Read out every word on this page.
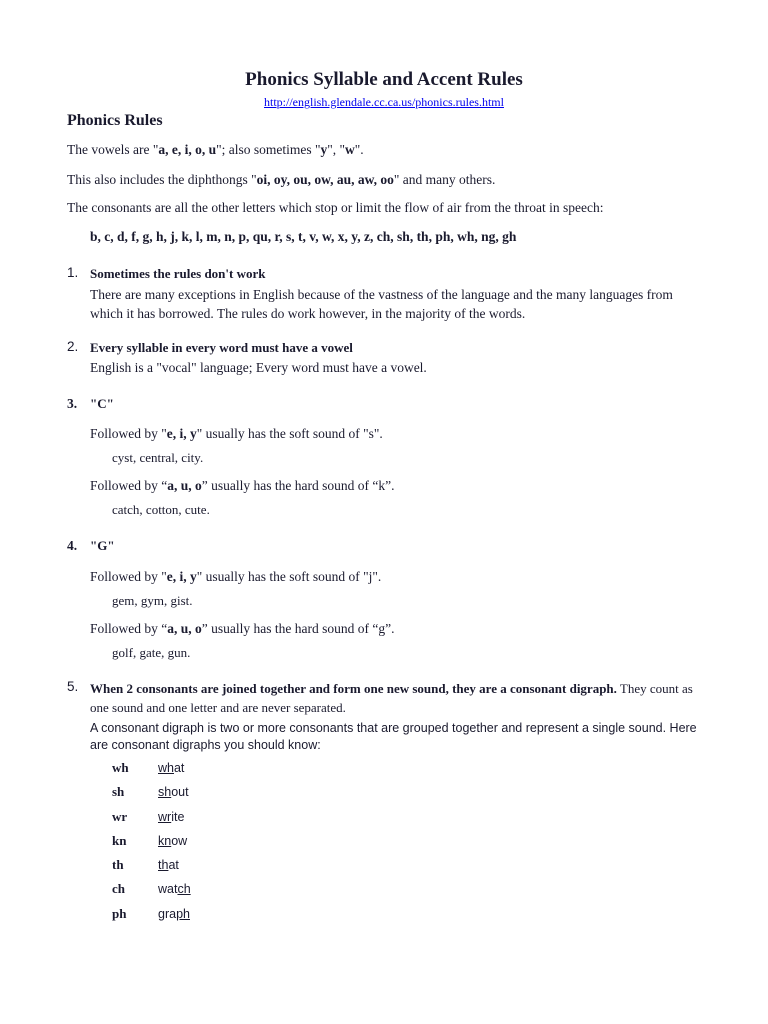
Phonics Syllable and Accent Rules
http://english.glendale.cc.ca.us/phonics.rules.html
Phonics Rules
The vowels are "a, e, i, o, u"; also sometimes "y", "w".
This also includes the diphthongs "oi, oy, ou, ow, au, aw, oo" and many others.
The consonants are all the other letters which stop or limit the flow of air from the throat in speech:
b, c, d, f, g, h, j, k, l, m, n, p, qu, r, s, t, v, w, x, y, z, ch, sh, th, ph, wh, ng, gh
1. Sometimes the rules don't work
There are many exceptions in English because of the vastness of the language and the many languages from which it has borrowed. The rules do work however, in the majority of the words.
2. Every syllable in every word must have a vowel
English is a "vocal" language; Every word must have a vowel.
3. "C"
Followed by "e, i, y" usually has the soft sound of "s".
cyst, central, city.
Followed by “a, u, o” usually has the hard sound of “k”.
catch, cotton, cute.
4. "G"
Followed by "e, i, y" usually has the soft sound of "j".
gem, gym, gist.
Followed by “a, u, o” usually has the hard sound of “g”.
golf, gate, gun.
5. When 2 consonants are joined together and form one new sound, they are a consonant digraph. They count as one sound and one letter and are never separated.
A consonant digraph is two or more consonants that are grouped together and represent a single sound. Here are consonant digraphs you should know:
wh what
sh	shout
wr write
kn	know
th	that
ch	watch
ph	graph
